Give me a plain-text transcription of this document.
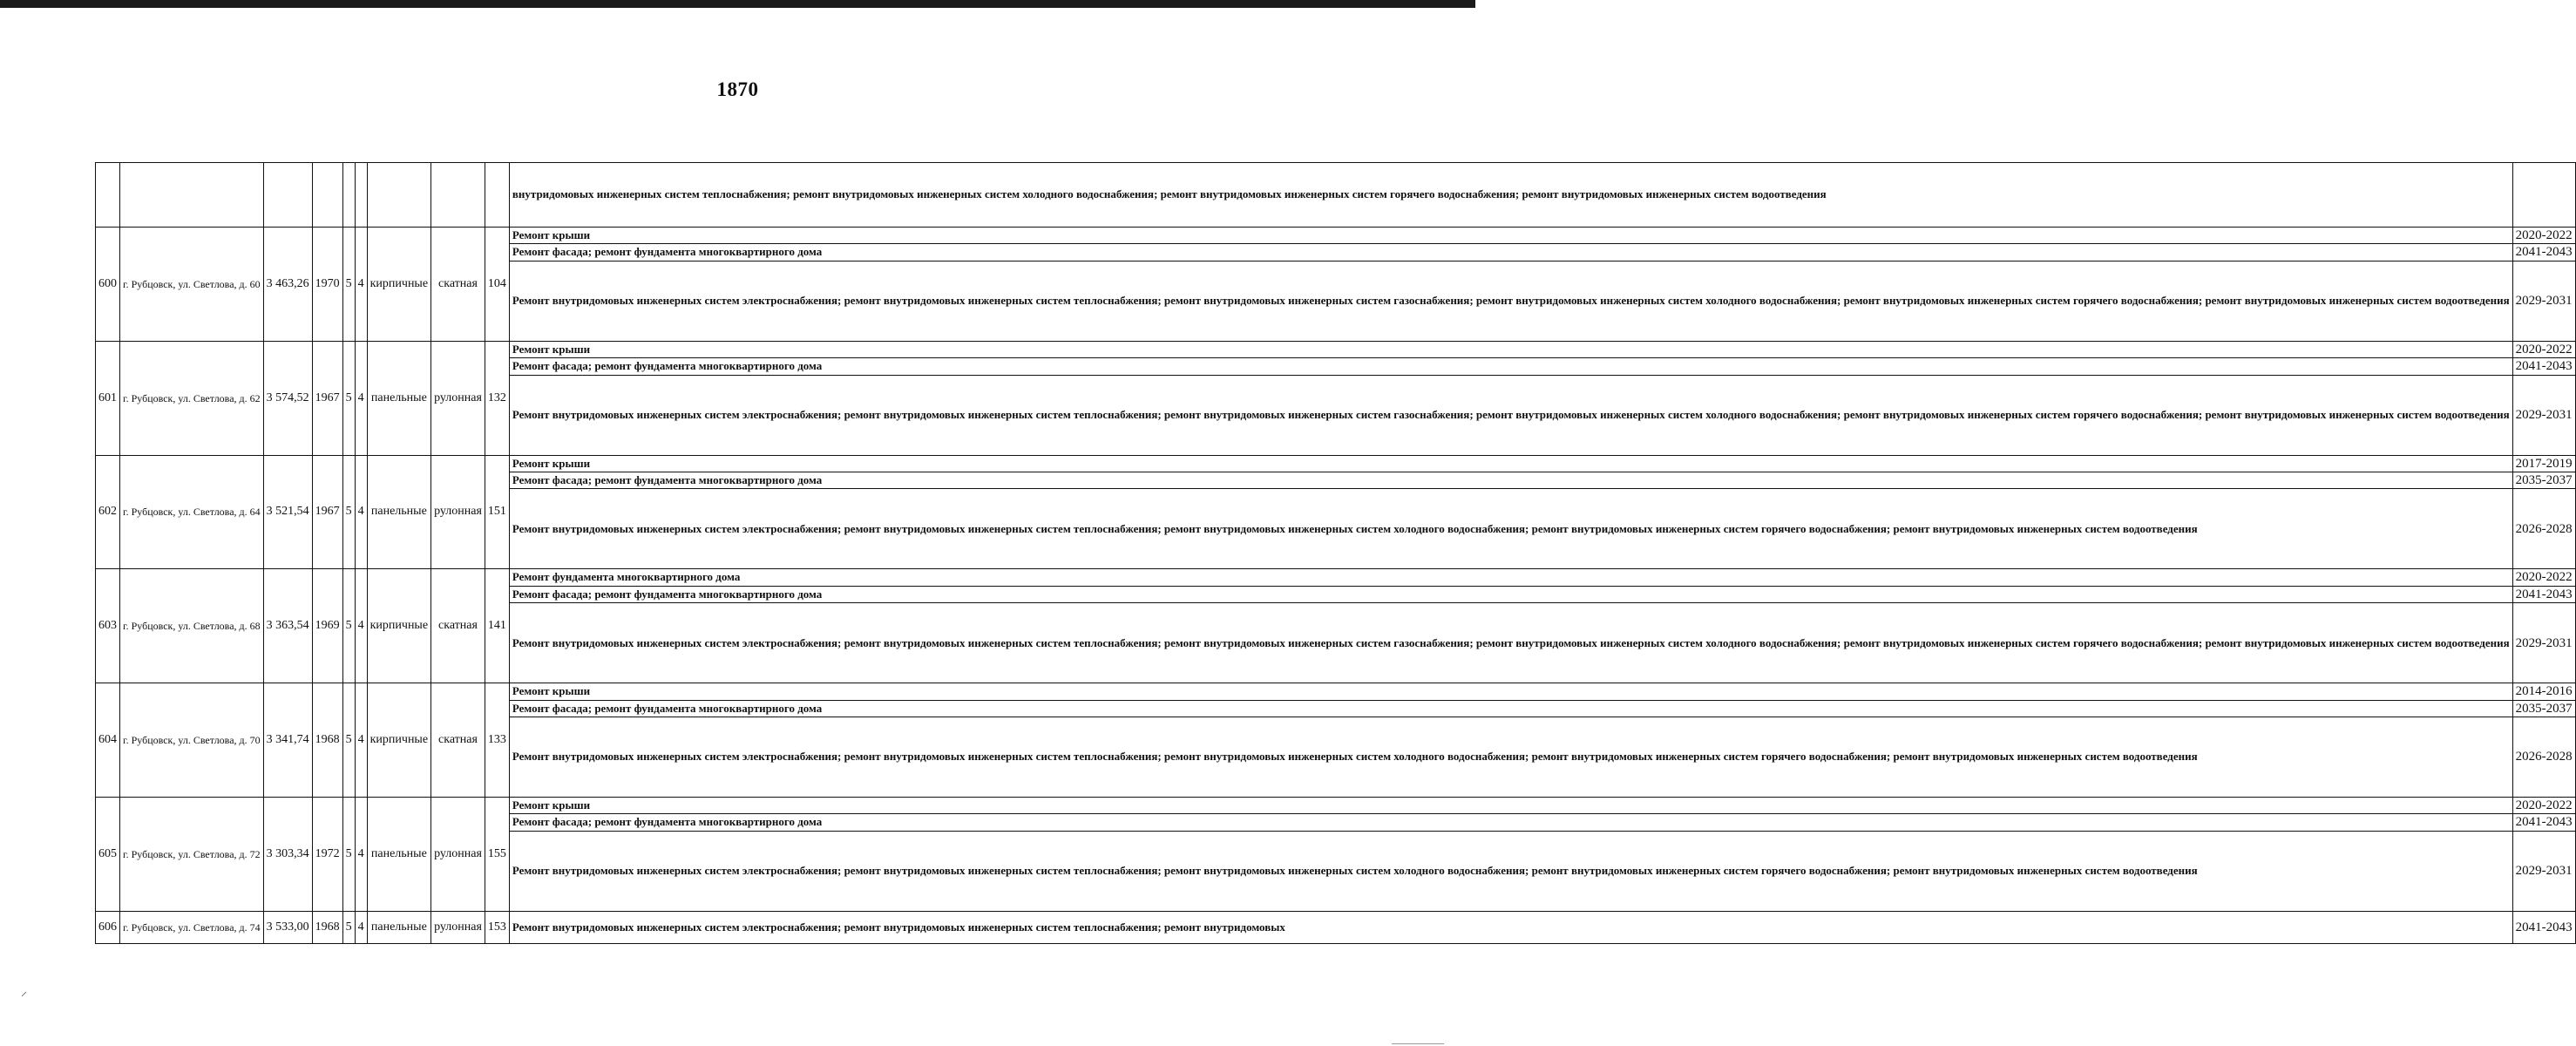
1870
									внутридомовых инженерных систем теплоснабжения; ремонт внутридомовых инженерных систем холодного водоснабжения; ремонт внутридомовых инженерных систем горячего водоснабжения; ремонт внутридомовых инженерных систем водоотведения	
600	г. Рубцовск, ул. Светлова, д. 60	3 463,26	1970	5	4	кирпичные	скатная	104	Ремонт крыши	2020-2022
									Ремонт фасада; ремонт фундамента многоквартирного дома	2041-2043
									Ремонт внутридомовых инженерных систем электроснабжения; ремонт внутридомовых инженерных систем теплоснабжения; ремонт внутридомовых инженерных систем газоснабжения; ремонт внутридомовых инженерных систем холодного водоснабжения; ремонт внутридомовых инженерных систем горячего водоснабжения; ремонт внутридомовых инженерных систем водоотведения	2029-2031
601	г. Рубцовск, ул. Светлова, д. 62	3 574,52	1967	5	4	панельные	рулонная	132	Ремонт крыши	2020-2022
									Ремонт фасада; ремонт фундамента многоквартирного дома	2041-2043
									Ремонт внутридомовых инженерных систем электроснабжения; ремонт внутридомовых инженерных систем теплоснабжения; ремонт внутридомовых инженерных систем газоснабжения; ремонт внутридомовых инженерных систем холодного водоснабжения; ремонт внутридомовых инженерных систем горячего водоснабжения; ремонт внутридомовых инженерных систем водоотведения	2029-2031
602	г. Рубцовск, ул. Светлова, д. 64	3 521,54	1967	5	4	панельные	рулонная	151	Ремонт крыши	2017-2019
									Ремонт фасада; ремонт фундамента многоквартирного дома	2035-2037
									Ремонт внутридомовых инженерных систем электроснабжения; ремонт внутридомовых инженерных систем теплоснабжения; ремонт внутридомовых инженерных систем холодного водоснабжения; ремонт внутридомовых инженерных систем горячего водоснабжения; ремонт внутридомовых инженерных систем водоотведения	2026-2028
603	г. Рубцовск, ул. Светлова, д. 68	3 363,54	1969	5	4	кирпичные	скатная	141	Ремонт фундамента многоквартирного дома	2020-2022
									Ремонт фасада; ремонт фундамента многоквартирного дома	2041-2043
									Ремонт внутридомовых инженерных систем электроснабжения; ремонт внутридомовых инженерных систем теплоснабжения; ремонт внутридомовых инженерных систем газоснабжения; ремонт внутридомовых инженерных систем холодного водоснабжения; ремонт внутридомовых инженерных систем горячего водоснабжения; ремонт внутридомовых инженерных систем водоотведения	2029-2031
604	г. Рубцовск, ул. Светлова, д. 70	3 341,74	1968	5	4	кирпичные	скатная	133	Ремонт крыши	2014-2016
									Ремонт фасада; ремонт фундамента многоквартирного дома	2035-2037
									Ремонт внутридомовых инженерных систем электроснабжения; ремонт внутридомовых инженерных систем теплоснабжения; ремонт внутридомовых инженерных систем холодного водоснабжения; ремонт внутридомовых инженерных систем горячего водоснабжения; ремонт внутридомовых инженерных систем водоотведения	2026-2028
605	г. Рубцовск, ул. Светлова, д. 72	3 303,34	1972	5	4	панельные	рулонная	155	Ремонт крыши	2020-2022
									Ремонт фасада; ремонт фундамента многоквартирного дома	2041-2043
									Ремонт внутридомовых инженерных систем электроснабжения; ремонт внутридомовых инженерных систем теплоснабжения; ремонт внутридомовых инженерных систем холодного водоснабжения; ремонт внутридомовых инженерных систем горячего водоснабжения; ремонт внутридомовых инженерных систем водоотведения	2029-2031
606	г. Рубцовск, ул. Светлова, д. 74	3 533,00	1968	5	4	панельные	рулонная	153	Ремонт внутридомовых инженерных систем электроснабжения; ремонт внутридомовых инженерных систем теплоснабжения; ремонт внутридомовых	2041-2043
⸝
